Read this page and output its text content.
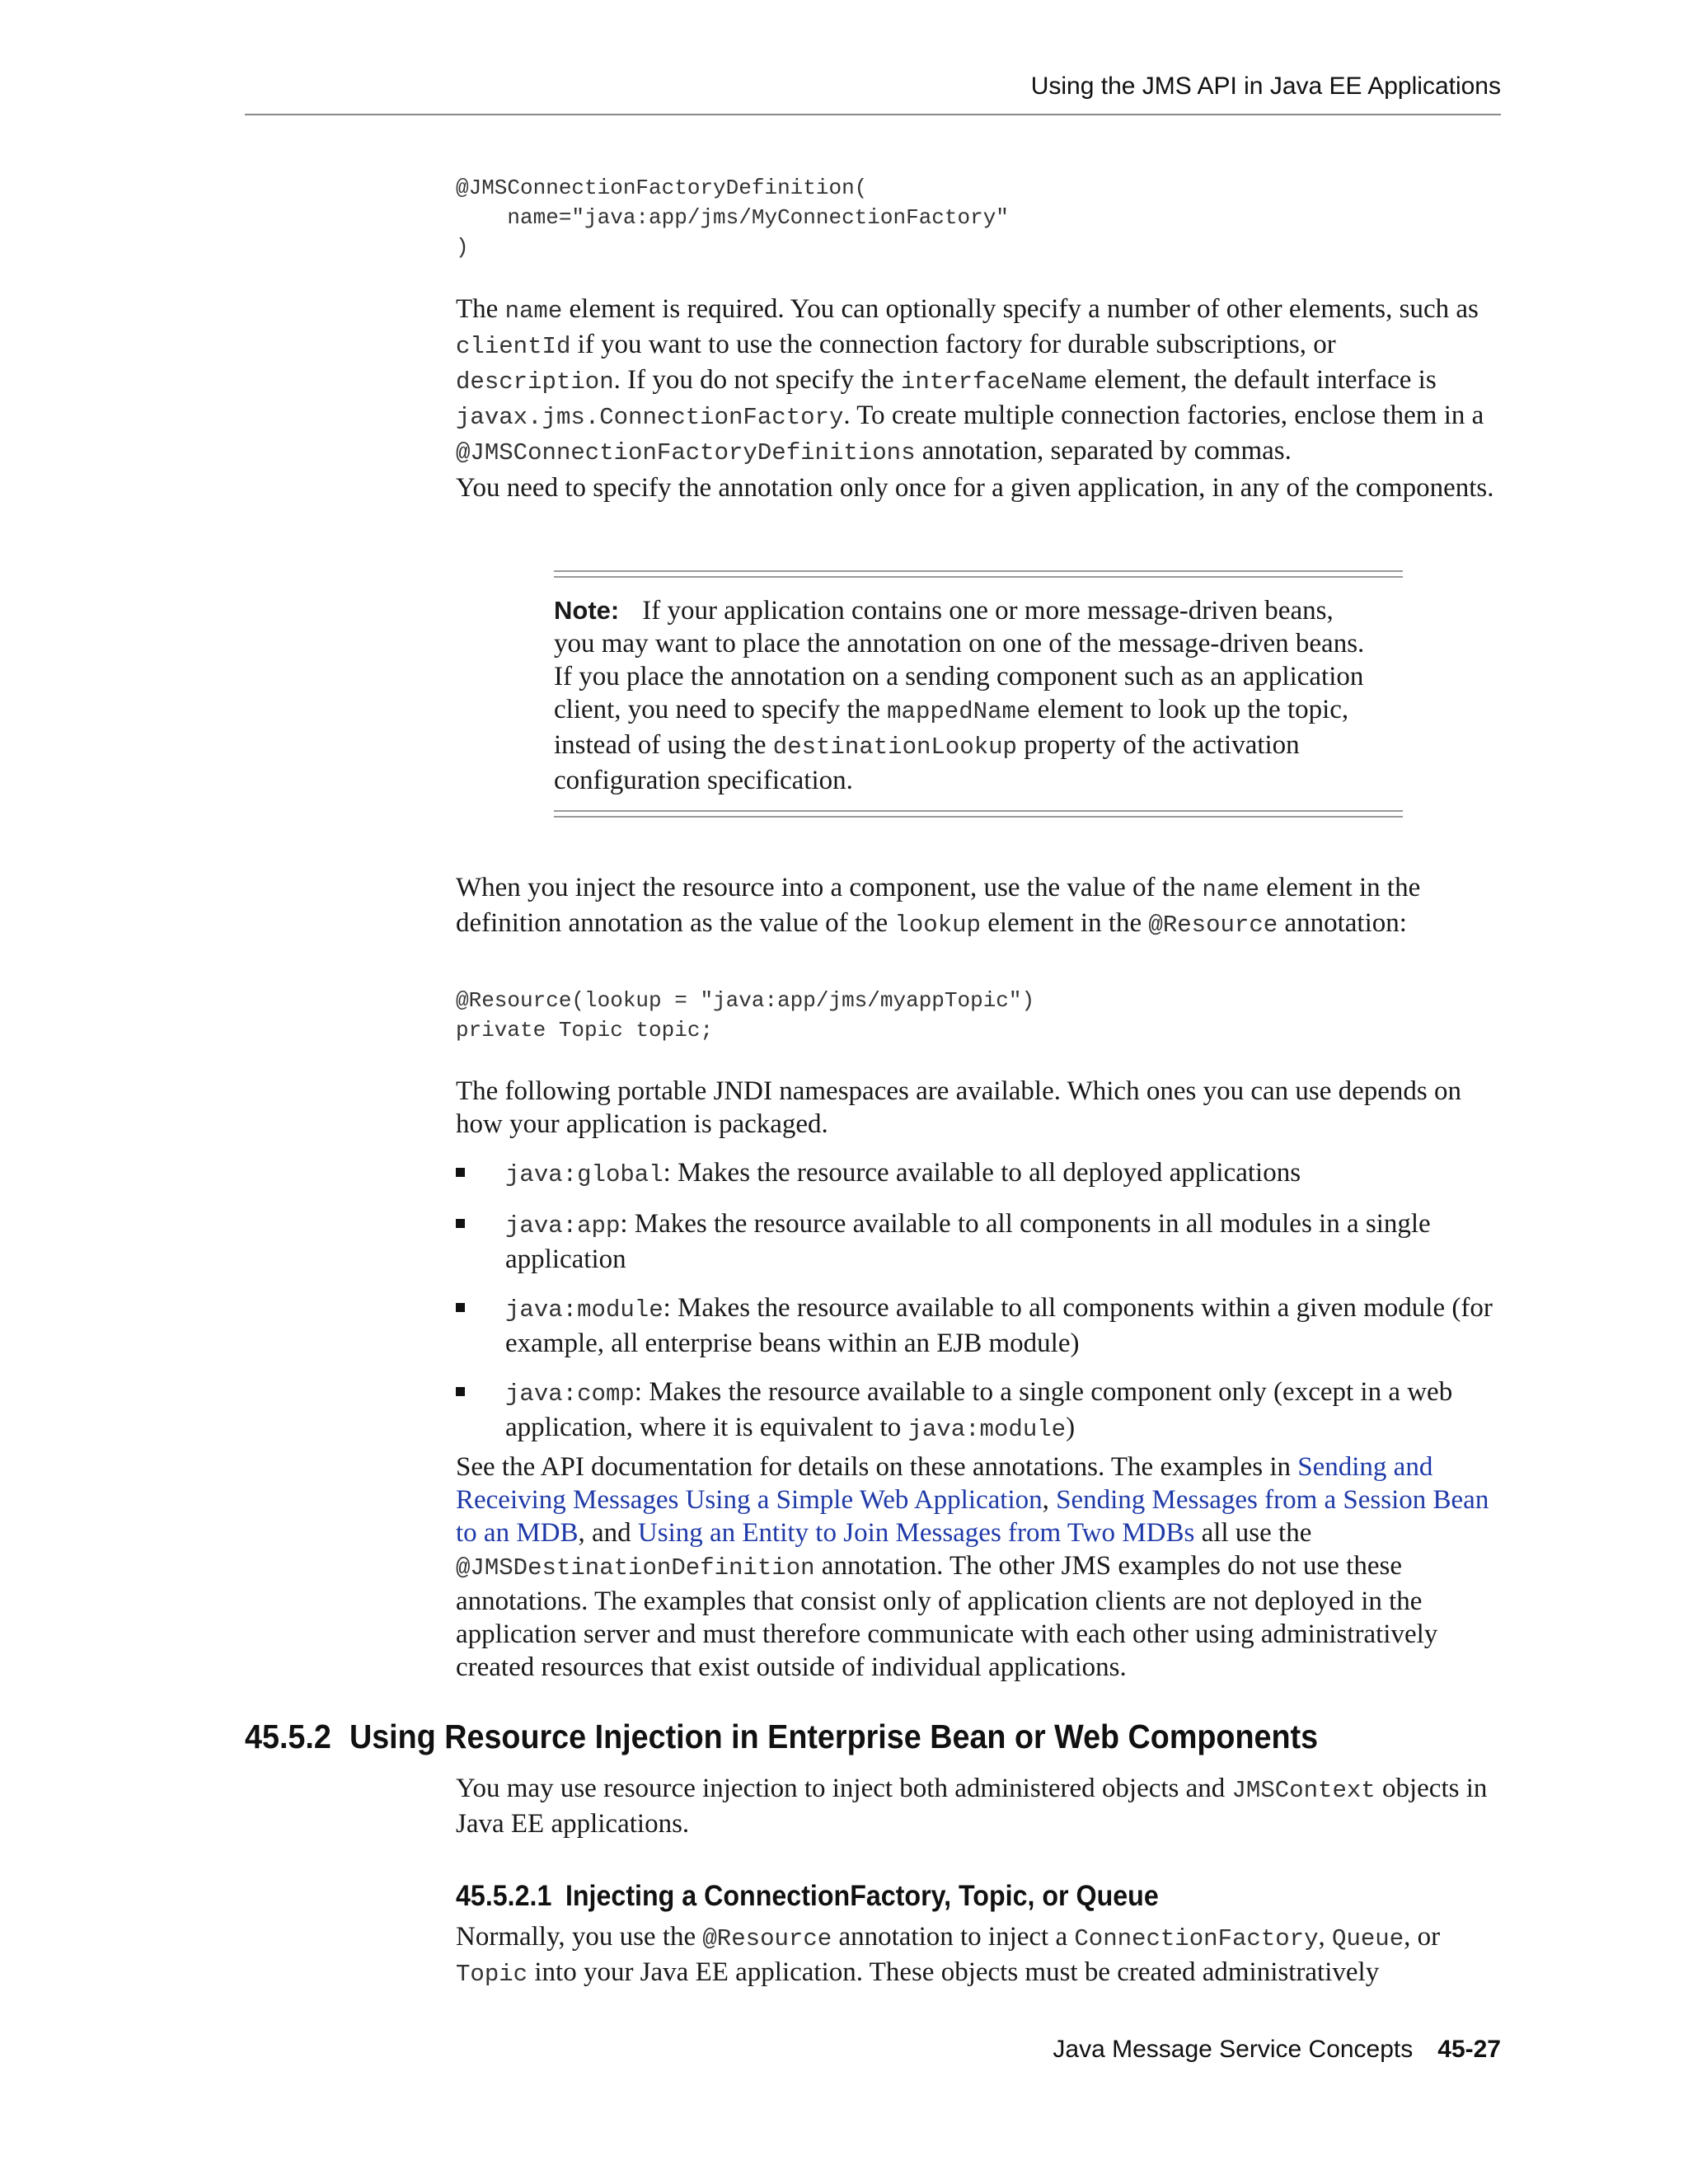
Using the JMS API in Java EE Applications
@JMSConnectionFactoryDefinition(
name="java:app/jms/MyConnectionFactory"
)

The name element is required. You can optionally specify a number of other elements, such as clientId if you want to use the connection factory for durable subscriptions, or description. If you do not specify the interfaceName element, the default interface is javax.jms.ConnectionFactory. To create multiple connection factories, enclose them in a @JMSConnectionFactoryDefinitions annotation, separated by commas.

You need to specify the annotation only once for a given application, in any of the components.

Note: If your application contains one or more message-driven beans, you may want to place the annotation on one of the message-driven beans. If you place the annotation on a sending component such as an application client, you need to specify the mappedName element to look up the topic, instead of using the destinationLookup property of the activation configuration specification.

When you inject the resource into a component, use the value of the name element in the definition annotation as the value of the lookup element in the @Resource annotation:

@Resource(lookup = "java:app/jms/myappTopic")
private Topic topic;

The following portable JNDI namespaces are available. Which ones you can use depends on how your application is packaged.

java:global: Makes the resource available to all deployed applications
java:app: Makes the resource available to all components in all modules in a single application
java:module: Makes the resource available to all components within a given module (for example, all enterprise beans within an EJB module)
java:comp: Makes the resource available to a single component only (except in a web application, where it is equivalent to java:module)

See the API documentation for details on these annotations. The examples in Sending and Receiving Messages Using a Simple Web Application, Sending Messages from a Session Bean to an MDB, and Using an Entity to Join Messages from Two MDBs all use the @JMSDestinationDefinition annotation. The other JMS examples do not use these annotations. The examples that consist only of application clients are not deployed in the application server and must therefore communicate with each other using administratively created resources that exist outside of individual applications.

45.5.2 Using Resource Injection in Enterprise Bean or Web Components

You may use resource injection to inject both administered objects and JMSContext objects in Java EE applications.

45.5.2.1 Injecting a ConnectionFactory, Topic, or Queue

Normally, you use the @Resource annotation to inject a ConnectionFactory, Queue, or Topic into your Java EE application. These objects must be created administratively

Java Message Service Concepts 45-27
